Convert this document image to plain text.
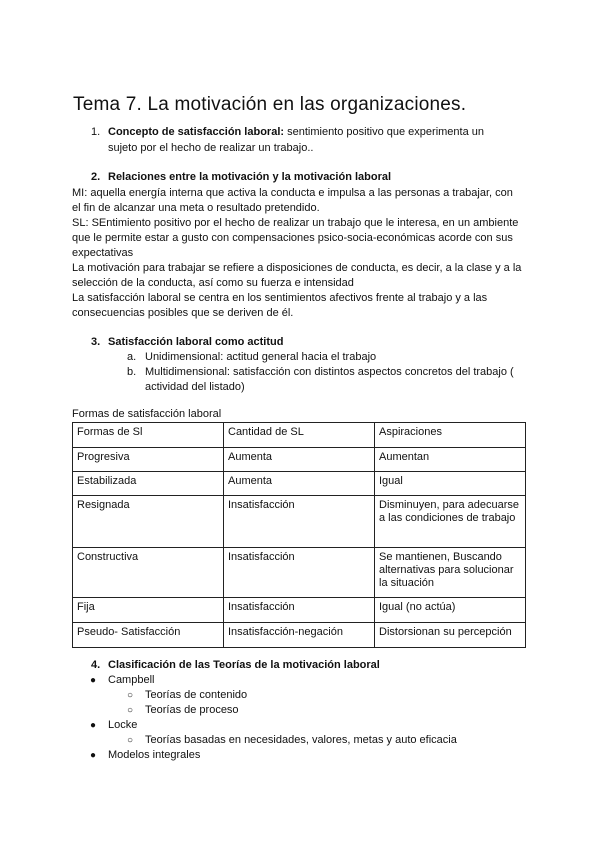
Tema 7. La motivación en las organizaciones.
1. Concepto de satisfacción laboral: sentimiento positivo que experimenta un
sujeto por el hecho de realizar un trabajo..
2. Relaciones entre la motivación y la motivación laboral
MI: aquella energía interna que activa la conducta e impulsa a las personas a trabajar, con
el fin de alcanzar una meta o resultado pretendido.
SL: SEntimiento positivo por el hecho de realizar un trabajo que le interesa, en un ambiente
que le permite estar a gusto con compensaciones psico-socia-económicas acorde con sus
expectativas
La motivación para trabajar se refiere a disposiciones de conducta, es decir, a la clase y a la
selección de la conducta, así como su fuerza e intensidad
La satisfacción laboral se centra en los sentimientos afectivos frente al trabajo y a las
consecuencias posibles que se deriven de él.
3. Satisfacción laboral como actitud
a. Unidimensional: actitud general hacia el trabajo
b. Multidimensional: satisfacción con distintos aspectos concretos del trabajo (
actividad del listado)
Formas de satisfacción laboral
Formas de Sl	Cantidad de SL	Aspiraciones
Progresiva	Aumenta	Aumentan
Estabilizada	Aumenta	Igual
Resignada	Insatisfacción	Disminuyen, para adecuarse a las condiciones de trabajo
Constructiva	Insatisfacción	Se mantienen, Buscando alternativas para solucionar la situación
Fija	Insatisfacción	Igual (no actúa)
Pseudo- Satisfacción	Insatisfacción-negación	Distorsionan su percepción
4. Clasificación de las Teorías de la motivación laboral
● Campbell
○ Teorías de contenido
○ Teorías de proceso
● Locke
○ Teorías basadas en necesidades, valores, metas y auto eficacia
● Modelos integrales
